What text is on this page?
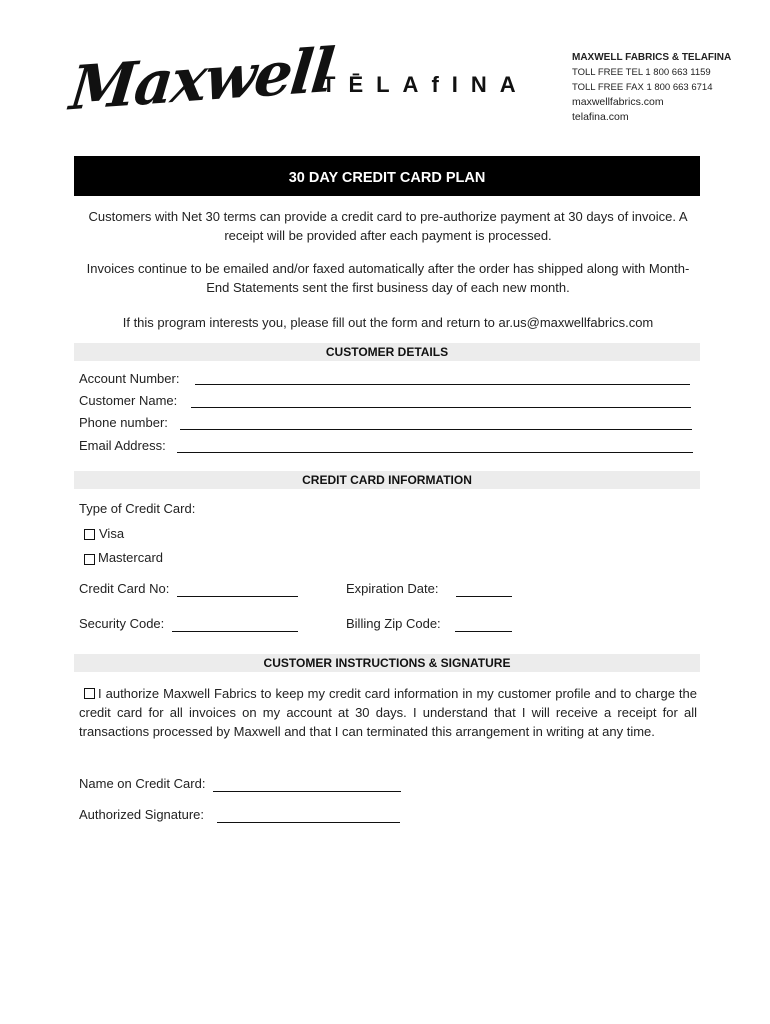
Maxwell
TĒLAfINA
MAXWELL FABRICS & TELAFINA
TOLL FREE TEL 1 800 663 1159
TOLL FREE FAX 1 800 663 6714
maxwellfabrics.com
telafina.com
30 DAY CREDIT CARD PLAN
Customers with Net 30 terms can provide a credit card to pre-authorize payment at 30 days of invoice. A receipt will be provided after each payment is processed.
Invoices continue to be emailed and/or faxed automatically after the order has shipped along with Month-End Statements sent the first business day of each new month.
If this program interests you, please fill out the form and return to ar.us@maxwellfabrics.com
CUSTOMER DETAILS
Account Number:
Customer Name:
Phone number:
Email Address:
CREDIT CARD INFORMATION
Type of Credit Card:
Visa
Mastercard
Credit Card No:	Expiration Date:
Security Code:	Billing Zip Code:
CUSTOMER INSTRUCTIONS & SIGNATURE
I authorize Maxwell Fabrics to keep my credit card information in my customer profile and to charge the credit card for all invoices on my account at 30 days. I understand that I will receive a receipt for all transactions processed by Maxwell and that I can terminated this arrangement in writing at any time.
Name on Credit Card:
Authorized Signature:
